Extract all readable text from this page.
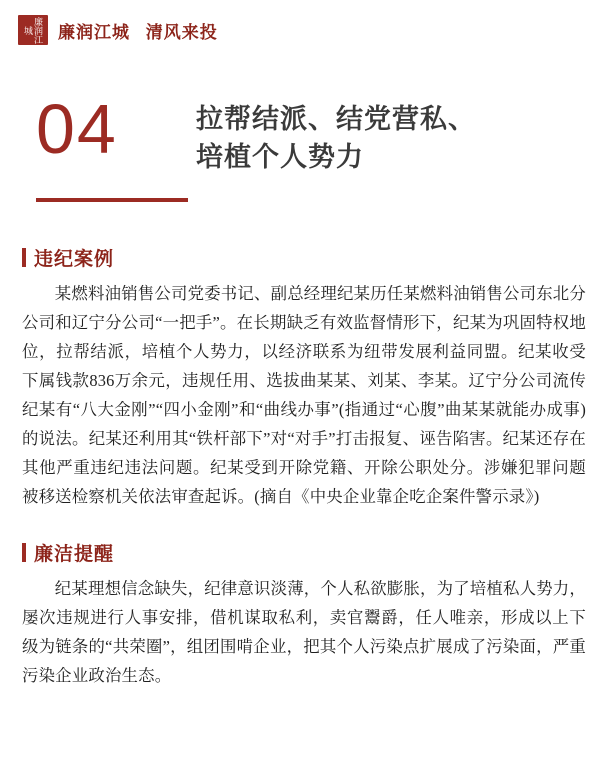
廉润江城	廉润江城 清风来投
04	拉帮结派、结党营私、
培植个人势力
违纪案例
某燃料油销售公司党委书记、副总经理纪某历任某燃料油销售公司东北分公司和辽宁分公司“一把手”。在长期缺乏有效监督情形下，纪某为巩固特权地位，拉帮结派，培植个人势力，以经济联系为纽带发展利益同盟。纪某收受下属钱款836万余元，违规任用、选拔曲某某、刘某、李某。辽宁分公司流传纪某有“八大金刚”“四小金刚”和“曲线办事”(指通过“心腹”曲某某就能办成事)的说法。纪某还利用其“铁杆部下”对“对手”打击报复、诬告陷害。纪某还存在其他严重违纪违法问题。纪某受到开除党籍、开除公职处分。涉嫌犯罪问题被移送检察机关依法审查起诉。(摘自《中央企业靠企吃企案件警示录》)
廉洁提醒
纪某理想信念缺失，纪律意识淡薄，个人私欲膨胀，为了培植私人势力，屡次违规进行人事安排，借机谋取私利，卖官鬻爵，任人唯亲，形成以上下级为链条的“共荣圈”，组团围啃企业，把其个人污染点扩展成了污染面，严重污染企业政治生态。
